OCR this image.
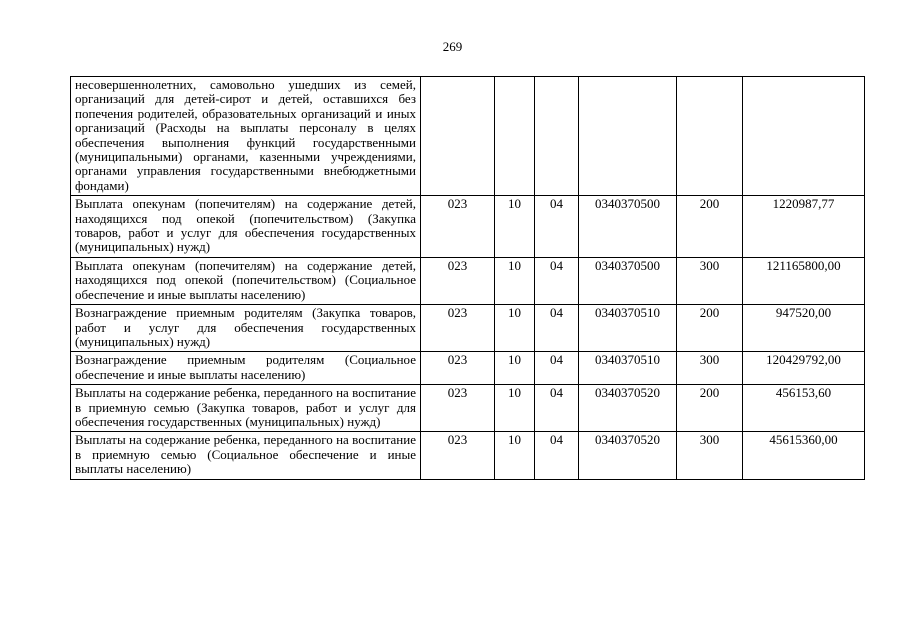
269
несовершеннолетних, самовольно ушедших из семей, организаций для детей-сирот и детей, оставшихся без попечения родителей, образовательных организаций и иных организаций (Расходы на выплаты персоналу в целях обеспечения выполнения функций государственными (муниципальными) органами, казенными учреждениями, органами управления государственными внебюджетными фондами)						
Выплата опекунам (попечителям) на содержание детей, находящихся под опекой (попечительством) (Закупка товаров, работ и услуг для обеспечения государственных (муниципальных) нужд)	023	10	04	0340370500	200	1220987,77
Выплата опекунам (попечителям) на содержание детей, находящихся под опекой (попечительством) (Социальное обеспечение и иные выплаты населению)	023	10	04	0340370500	300	121165800,00
Вознаграждение приемным родителям (Закупка товаров, работ и услуг для обеспечения государственных (муниципальных) нужд)	023	10	04	0340370510	200	947520,00
Вознаграждение приемным родителям (Социальное обеспечение и иные выплаты населению)	023	10	04	0340370510	300	120429792,00
Выплаты на содержание ребенка, переданного на воспитание в приемную семью (Закупка товаров, работ и услуг для обеспечения государственных (муниципальных) нужд)	023	10	04	0340370520	200	456153,60
Выплаты на содержание ребенка, переданного на воспитание в приемную семью (Социальное обеспечение и иные выплаты населению)	023	10	04	0340370520	300	45615360,00
